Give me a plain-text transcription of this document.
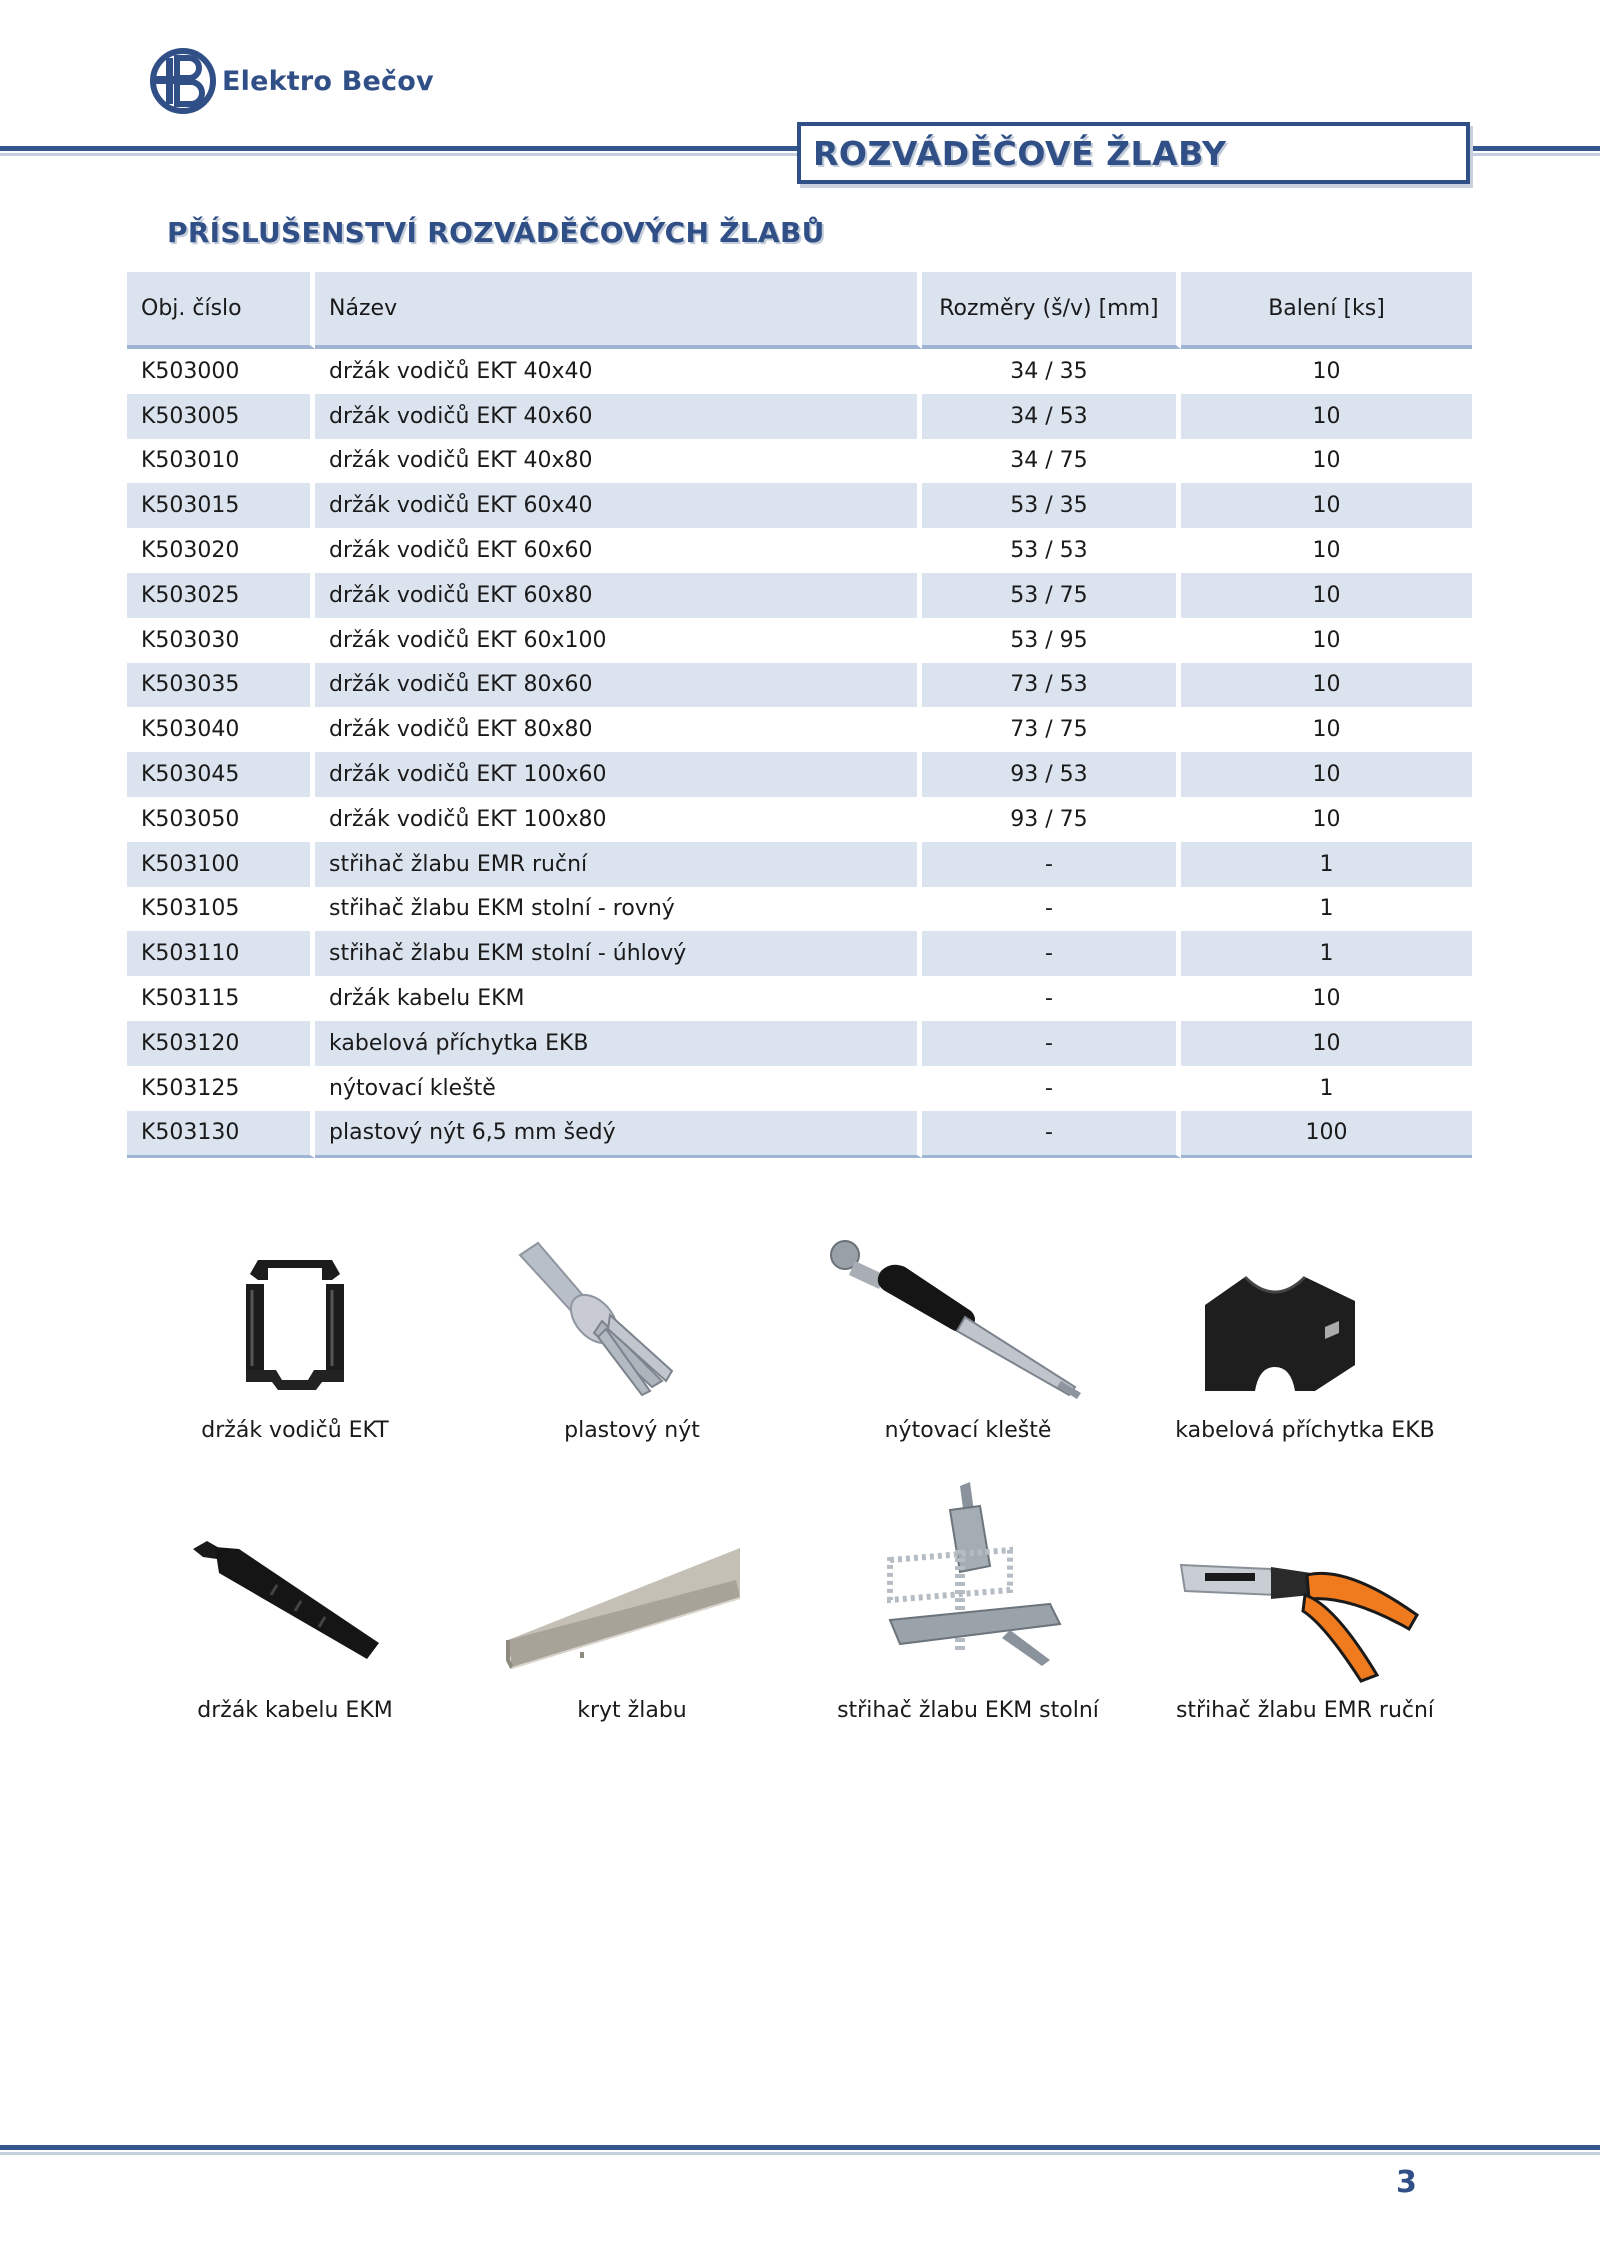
Elektro Bečov
ROZVÁDĚČOVÉ ŽLABY
PŘÍSLUŠENSTVÍ ROZVÁDĚČOVÝCH ŽLABŮ
Obj. číslo	Název	Rozměry (š/v) [mm]	Balení [ks]
K503000	držák vodičů EKT 40x40	34 / 35	10
K503005	držák vodičů EKT 40x60	34 / 53	10
K503010	držák vodičů EKT 40x80	34 / 75	10
K503015	držák vodičů EKT 60x40	53 / 35	10
K503020	držák vodičů EKT 60x60	53 / 53	10
K503025	držák vodičů EKT 60x80	53 / 75	10
K503030	držák vodičů EKT 60x100	53 / 95	10
K503035	držák vodičů EKT 80x60	73 / 53	10
K503040	držák vodičů EKT 80x80	73 / 75	10
K503045	držák vodičů EKT 100x60	93 / 53	10
K503050	držák vodičů EKT 100x80	93 / 75	10
K503100	střihač žlabu EMR ruční	-	1
K503105	střihač žlabu EKM stolní - rovný	-	1
K503110	střihač žlabu EKM stolní - úhlový	-	1
K503115	držák kabelu EKM	-	10
K503120	kabelová příchytka EKB	-	10
K503125	nýtovací kleště	-	1
K503130	plastový nýt 6,5 mm šedý	-	100
držák vodičů EKT	plastový nýt	nýtovací kleště	kabelová příchytka EKB
držák kabelu EKM	kryt žlabu	střihač žlabu EKM stolní	střihač žlabu EMR ruční
3
